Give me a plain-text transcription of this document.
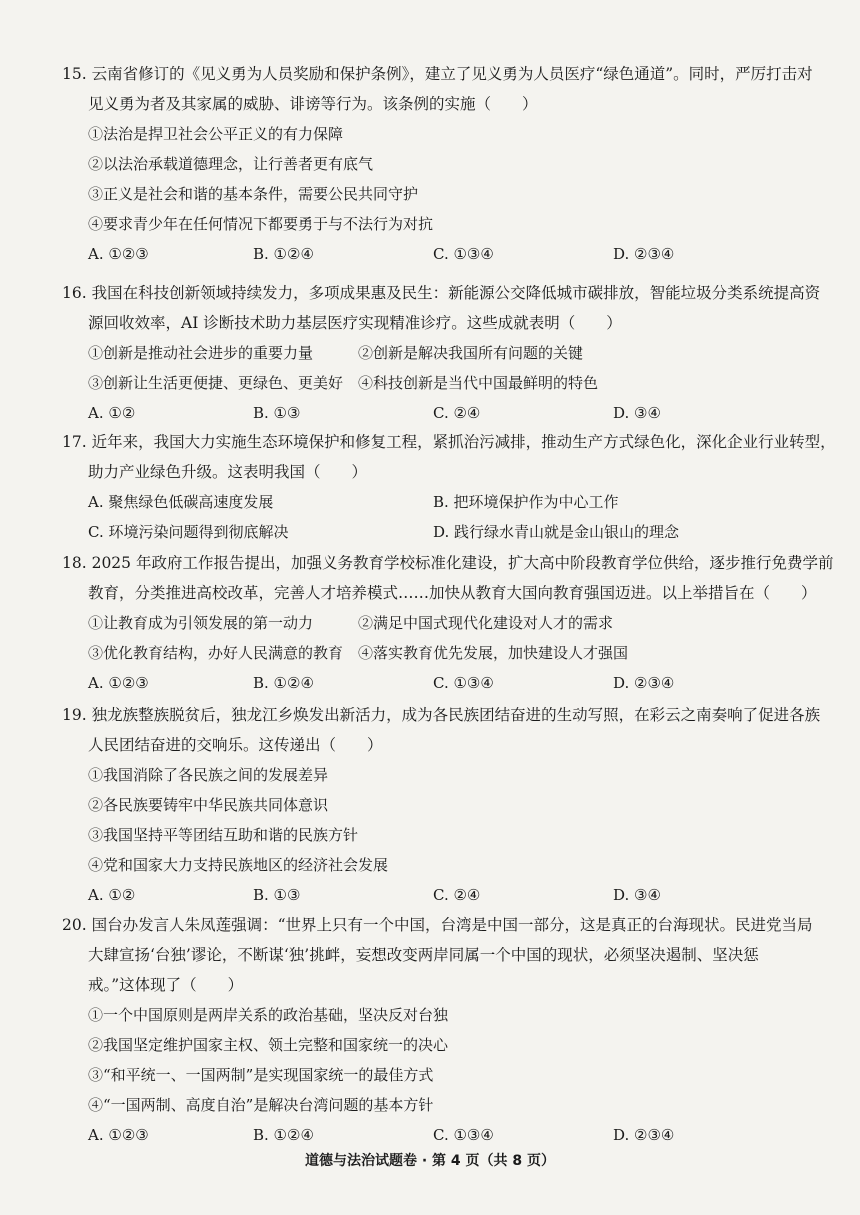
15. 云南省修订的《见义勇为人员奖励和保护条例》，建立了见义勇为人员医疗“绿色通道”。同时，严厉打击对
见义勇为者及其家属的威胁、诽谤等行为。该条例的实施（　　）
①法治是捍卫社会公平正义的有力保障
②以法治承载道德理念，让行善者更有底气
③正义是社会和谐的基本条件，需要公民共同守护
④要求青少年在任何情况下都要勇于与不法行为对抗
A. ①②③	B. ①②④	C. ①③④	D. ②③④
16. 我国在科技创新领域持续发力，多项成果惠及民生：新能源公交降低城市碳排放，智能垃圾分类系统提高资
源回收效率，AI 诊断技术助力基层医疗实现精准诊疗。这些成就表明（　　）
①创新是推动社会进步的重要力量　　　②创新是解决我国所有问题的关键
③创新让生活更便捷、更绿色、更美好　④科技创新是当代中国最鲜明的特色
A. ①②	B. ①③	C. ②④	D. ③④
17. 近年来，我国大力实施生态环境保护和修复工程，紧抓治污减排，推动生产方式绿色化，深化企业行业转型，
助力产业绿色升级。这表明我国（　　）
A. 聚焦绿色低碳高速度发展	B. 把环境保护作为中心工作
C. 环境污染问题得到彻底解决	D. 践行绿水青山就是金山银山的理念
18. 2025 年政府工作报告提出，加强义务教育学校标准化建设，扩大高中阶段教育学位供给，逐步推行免费学前
教育，分类推进高校改革，完善人才培养模式……加快从教育大国向教育强国迈进。以上举措旨在（　　）
①让教育成为引领发展的第一动力　　　②满足中国式现代化建设对人才的需求
③优化教育结构，办好人民满意的教育　④落实教育优先发展，加快建设人才强国
A. ①②③	B. ①②④	C. ①③④	D. ②③④
19. 独龙族整族脱贫后，独龙江乡焕发出新活力，成为各民族团结奋进的生动写照，在彩云之南奏响了促进各族
人民团结奋进的交响乐。这传递出（　　）
①我国消除了各民族之间的发展差异
②各民族要铸牢中华民族共同体意识
③我国坚持平等团结互助和谐的民族方针
④党和国家大力支持民族地区的经济社会发展
A. ①②	B. ①③	C. ②④	D. ③④
20. 国台办发言人朱凤莲强调：“世界上只有一个中国，台湾是中国一部分，这是真正的台海现状。民进党当局
大肆宣扬‘台独’谬论，不断谋‘独’挑衅，妄想改变两岸同属一个中国的现状，必须坚决遏制、坚决惩
戒。”这体现了（　　）
①一个中国原则是两岸关系的政治基础，坚决反对台独
②我国坚定维护国家主权、领土完整和国家统一的决心
③“和平统一、一国两制”是实现国家统一的最佳方式
④“一国两制、高度自治”是解决台湾问题的基本方针
A. ①②③	B. ①②④	C. ①③④	D. ②③④
道德与法治试题卷 · 第 4 页（共 8 页）
